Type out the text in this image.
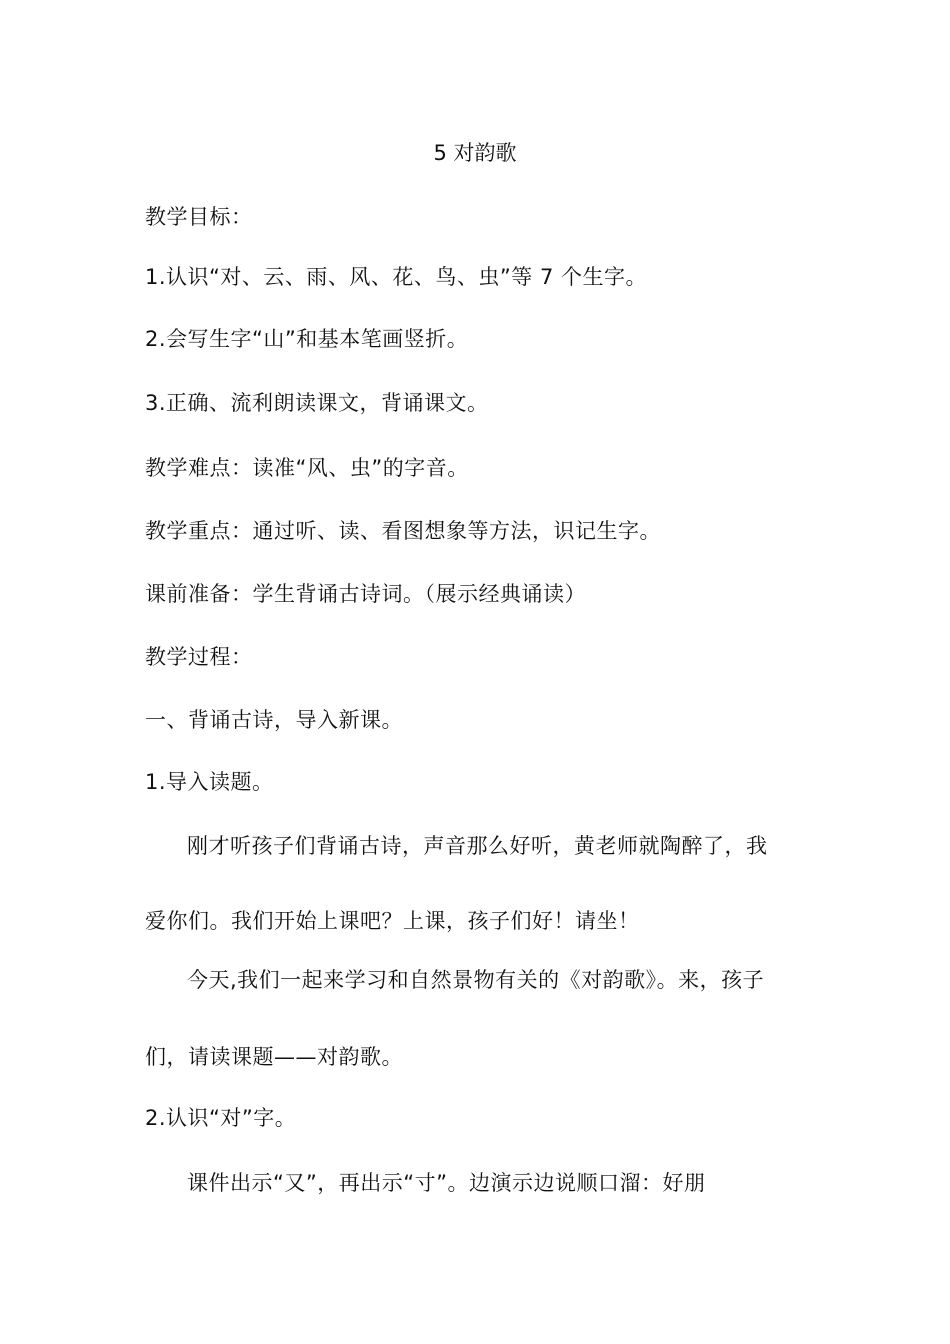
5 对韵歌
教学目标：
1.认识“对、云、雨、风、花、鸟、虫”等 7 个生字。
2.会写生字“山”和基本笔画竖折。
3.正确、流利朗读课文，背诵课文。
教学难点：读准“风、虫”的字音。
教学重点：通过听、读、看图想象等方法，识记生字。
课前准备：学生背诵古诗词。（展示经典诵读）
教学过程：
一、背诵古诗，导入新课。
1.导入读题。
刚才听孩子们背诵古诗，声音那么好听，黄老师就陶醉了，我
爱你们。我们开始上课吧？上课，孩子们好！请坐！
今天,我们一起来学习和自然景物有关的《对韵歌》。来，孩子
们，请读课题——对韵歌。
2.认识“对”字。
课件出示“又”，再出示“寸”。边演示边说顺口溜：好朋
